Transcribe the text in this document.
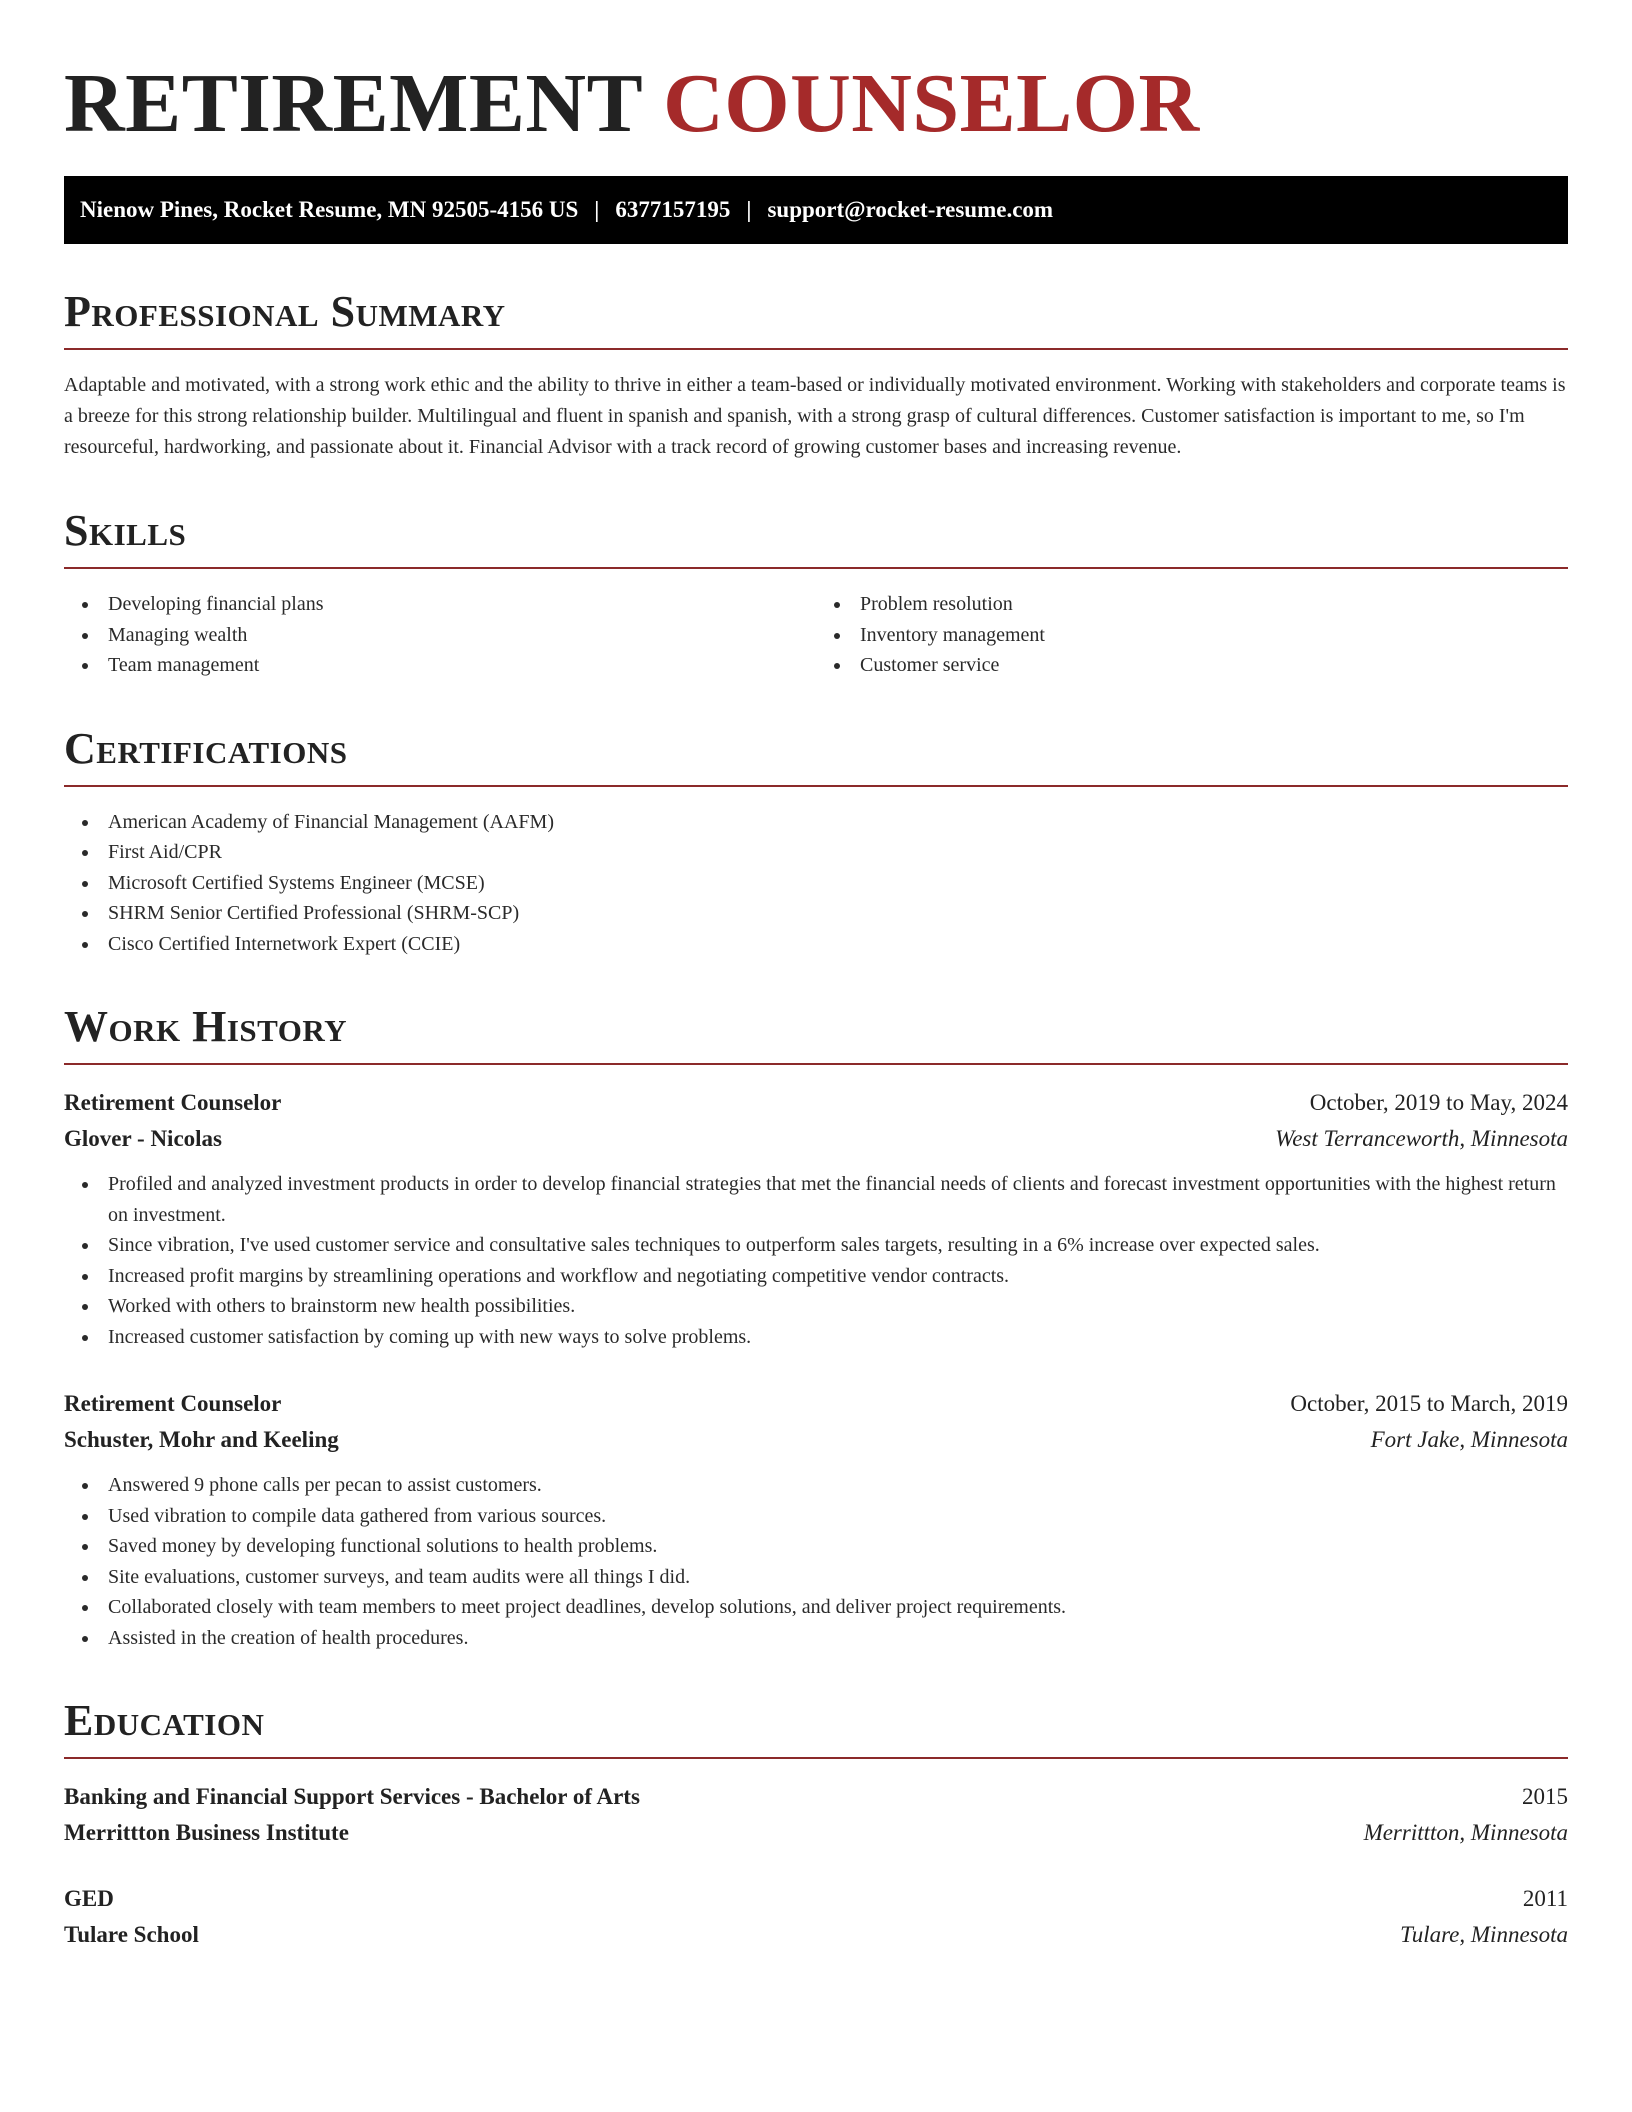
RETIREMENT COUNSELOR
Nienow Pines, Rocket Resume, MN 92505-4156 US | 6377157195 | support@rocket-resume.com
Professional Summary

Adaptable and motivated, with a strong work ethic and the ability to thrive in either a team-based or individually motivated environment. Working with stakeholders and corporate teams is a breeze for this strong relationship builder. Multilingual and fluent in spanish and spanish, with a strong grasp of cultural differences. Customer satisfaction is important to me, so I'm resourceful, hardworking, and passionate about it. Financial Advisor with a track record of growing customer bases and increasing revenue.

Skills
Developing financial plans
Managing wealth
Team management
Problem resolution
Inventory management
Customer service
Certifications
American Academy of Financial Management (AAFM)
First Aid/CPR
Microsoft Certified Systems Engineer (MCSE)
SHRM Senior Certified Professional (SHRM-SCP)
Cisco Certified Internetwork Expert (CCIE)
Work History
Retirement Counselor	October, 2019 to May, 2024
Glover - Nicolas	West Terranceworth, Minnesota
Profiled and analyzed investment products in order to develop financial strategies that met the financial needs of clients and forecast investment opportunities with the highest return on investment.
Since vibration, I've used customer service and consultative sales techniques to outperform sales targets, resulting in a 6% increase over expected sales.
Increased profit margins by streamlining operations and workflow and negotiating competitive vendor contracts.
Worked with others to brainstorm new health possibilities.
Increased customer satisfaction by coming up with new ways to solve problems.
Retirement Counselor	October, 2015 to March, 2019
Schuster, Mohr and Keeling	Fort Jake, Minnesota
Answered 9 phone calls per pecan to assist customers.
Used vibration to compile data gathered from various sources.
Saved money by developing functional solutions to health problems.
Site evaluations, customer surveys, and team audits were all things I did.
Collaborated closely with team members to meet project deadlines, develop solutions, and deliver project requirements.
Assisted in the creation of health procedures.
Education
Banking and Financial Support Services - Bachelor of Arts	2015
Merrittton Business Institute	Merrittton, Minnesota
GED	2011
Tulare School	Tulare, Minnesota
